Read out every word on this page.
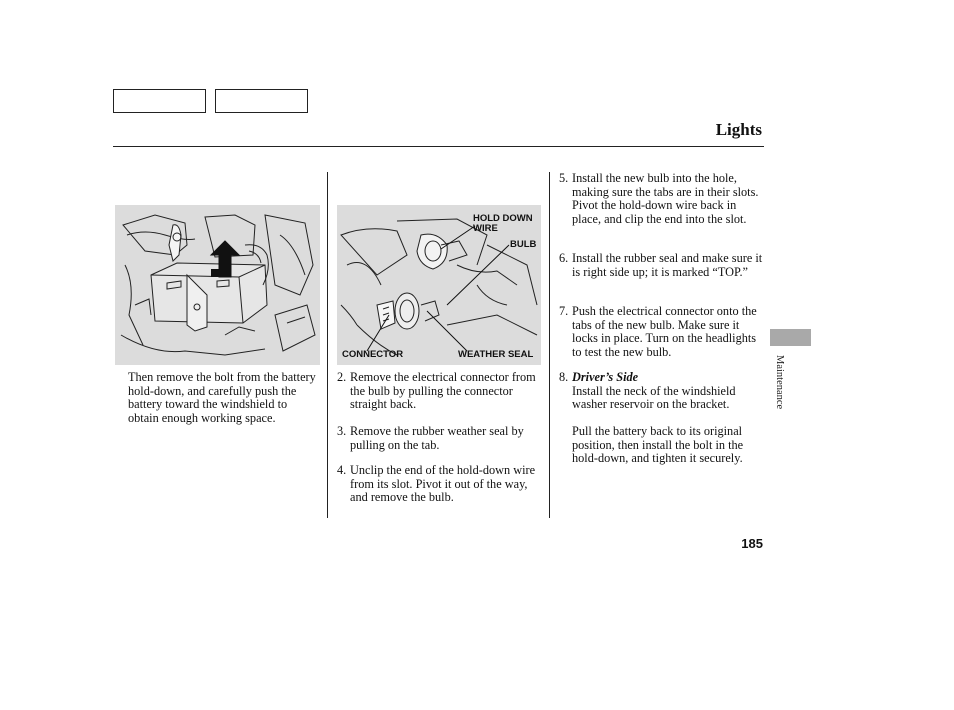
Lights
HOLD DOWN
WIRE
BULB
CONNECTOR	WEATHER SEAL
Then remove the bolt from the battery hold-down, and carefully push the battery toward the windshield to obtain enough working space.
2. Remove the electrical connector from the bulb by pulling the connector straight back.
3. Remove the rubber weather seal by pulling on the tab.
4. Unclip the end of the hold-down wire from its slot. Pivot it out of the way, and remove the bulb.
5. Install the new bulb into the hole, making sure the tabs are in their slots. Pivot the hold-down wire back in place, and clip the end into the slot.
6. Install the rubber seal and make sure it is right side up; it is marked “TOP.”
7. Push the electrical connector onto the tabs of the new bulb. Make sure it locks in place. Turn on the headlights to test the new bulb.
8. Driver’s Side
Install the neck of the windshield washer reservoir on the bracket.
Pull the battery back to its original position, then install the bolt in the hold-down, and tighten it securely.
Maintenance
185
